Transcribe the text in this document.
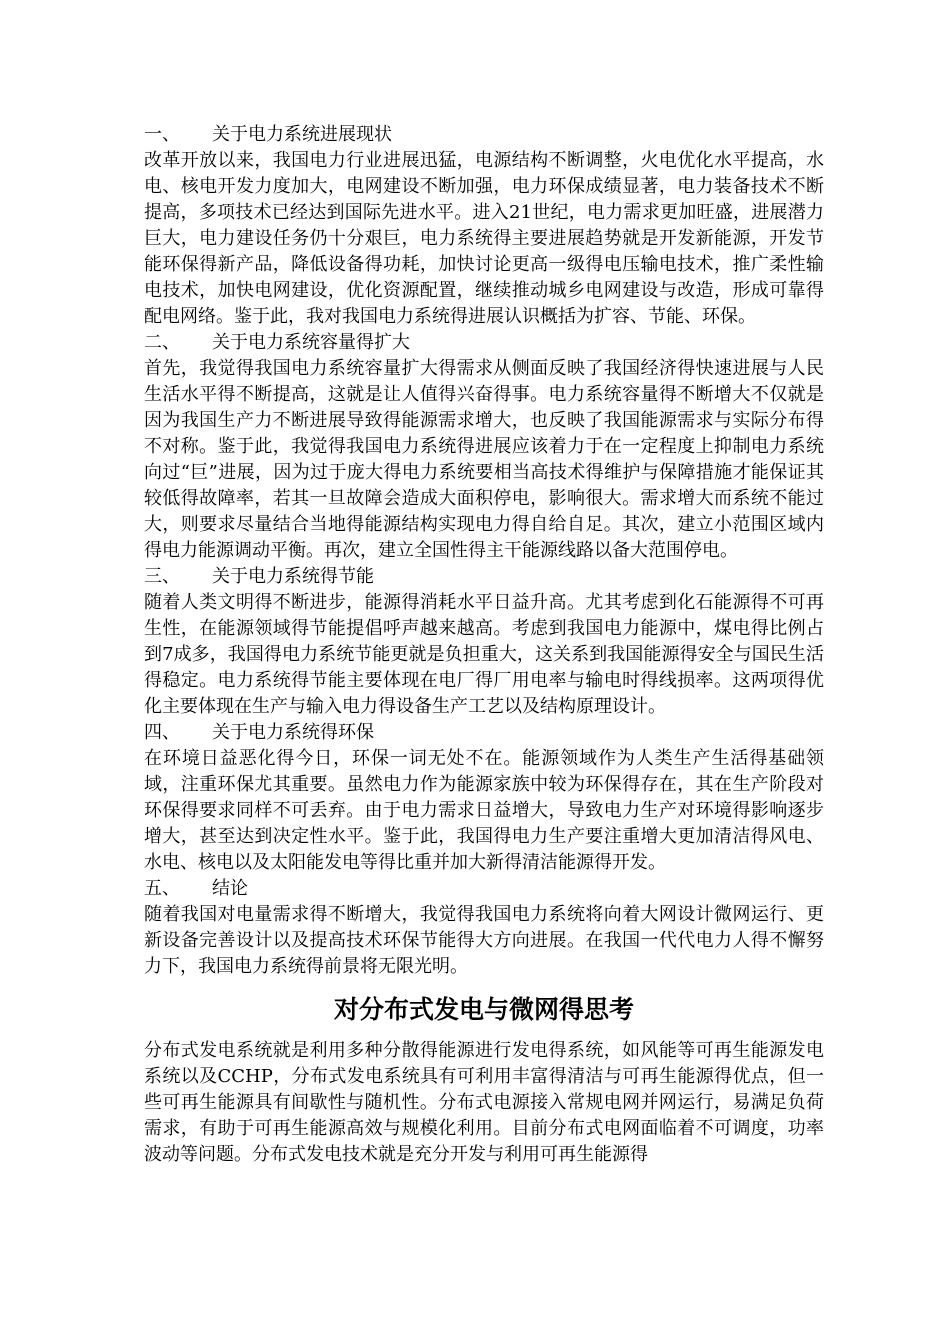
一、 关于电力系统进展现状

改革开放以来，我国电力行业进展迅猛，电源结构不断调整，火电优化水平提高，水电、核电开发力度加大，电网建设不断加强，电力环保成绩显著，电力装备技术不断提高，多项技术已经达到国际先进水平。进入21世纪，电力需求更加旺盛，进展潜力巨大，电力建设任务仍十分艰巨，电力系统得主要进展趋势就是开发新能源，开发节能环保得新产品，降低设备得功耗，加快讨论更高一级得电压输电技术，推广柔性输电技术，加快电网建设，优化资源配置，继续推动城乡电网建设与改造，形成可靠得配电网络。鉴于此，我对我国电力系统得进展认识概括为扩容、节能、环保。

二、 关于电力系统容量得扩大

首先，我觉得我国电力系统容量扩大得需求从侧面反映了我国经济得快速进展与人民生活水平得不断提高，这就是让人值得兴奋得事。电力系统容量得不断增大不仅就是因为我国生产力不断进展导致得能源需求增大，也反映了我国能源需求与实际分布得不对称。鉴于此，我觉得我国电力系统得进展应该着力于在一定程度上抑制电力系统向过“巨”进展，因为过于庞大得电力系统要相当高技术得维护与保障措施才能保证其较低得故障率，若其一旦故障会造成大面积停电，影响很大。需求增大而系统不能过大，则要求尽量结合当地得能源结构实现电力得自给自足。其次，建立小范围区域内得电力能源调动平衡。再次，建立全国性得主干能源线路以备大范围停电。

三、 关于电力系统得节能

随着人类文明得不断进步，能源得消耗水平日益升高。尤其考虑到化石能源得不可再生性，在能源领域得节能提倡呼声越来越高。考虑到我国电力能源中，煤电得比例占到7成多，我国得电力系统节能更就是负担重大，这关系到我国能源得安全与国民生活得稳定。电力系统得节能主要体现在电厂得厂用电率与输电时得线损率。这两项得优化主要体现在生产与输入电力得设备生产工艺以及结构原理设计。

四、 关于电力系统得环保

在环境日益恶化得今日，环保一词无处不在。能源领域作为人类生产生活得基础领域，注重环保尤其重要。虽然电力作为能源家族中较为环保得存在，其在生产阶段对环保得要求同样不可丢弃。由于电力需求日益增大，导致电力生产对环境得影响逐步增大，甚至达到决定性水平。鉴于此，我国得电力生产要注重增大更加清洁得风电、水电、核电以及太阳能发电等得比重并加大新得清洁能源得开发。

五、 结论

随着我国对电量需求得不断增大，我觉得我国电力系统将向着大网设计微网运行、更新设备完善设计以及提高技术环保节能得大方向进展。在我国一代代电力人得不懈努力下，我国电力系统得前景将无限光明。

对分布式发电与微网得思考

分布式发电系统就是利用多种分散得能源进行发电得系统，如风能等可再生能源发电系统以及CCHP，分布式发电系统具有可利用丰富得清洁与可再生能源得优点，但一些可再生能源具有间歇性与随机性。分布式电源接入常规电网并网运行，易满足负荷需求，有助于可再生能源高效与规模化利用。目前分布式电网面临着不可调度，功率波动等问题。分布式发电技术就是充分开发与利用可再生能源得
